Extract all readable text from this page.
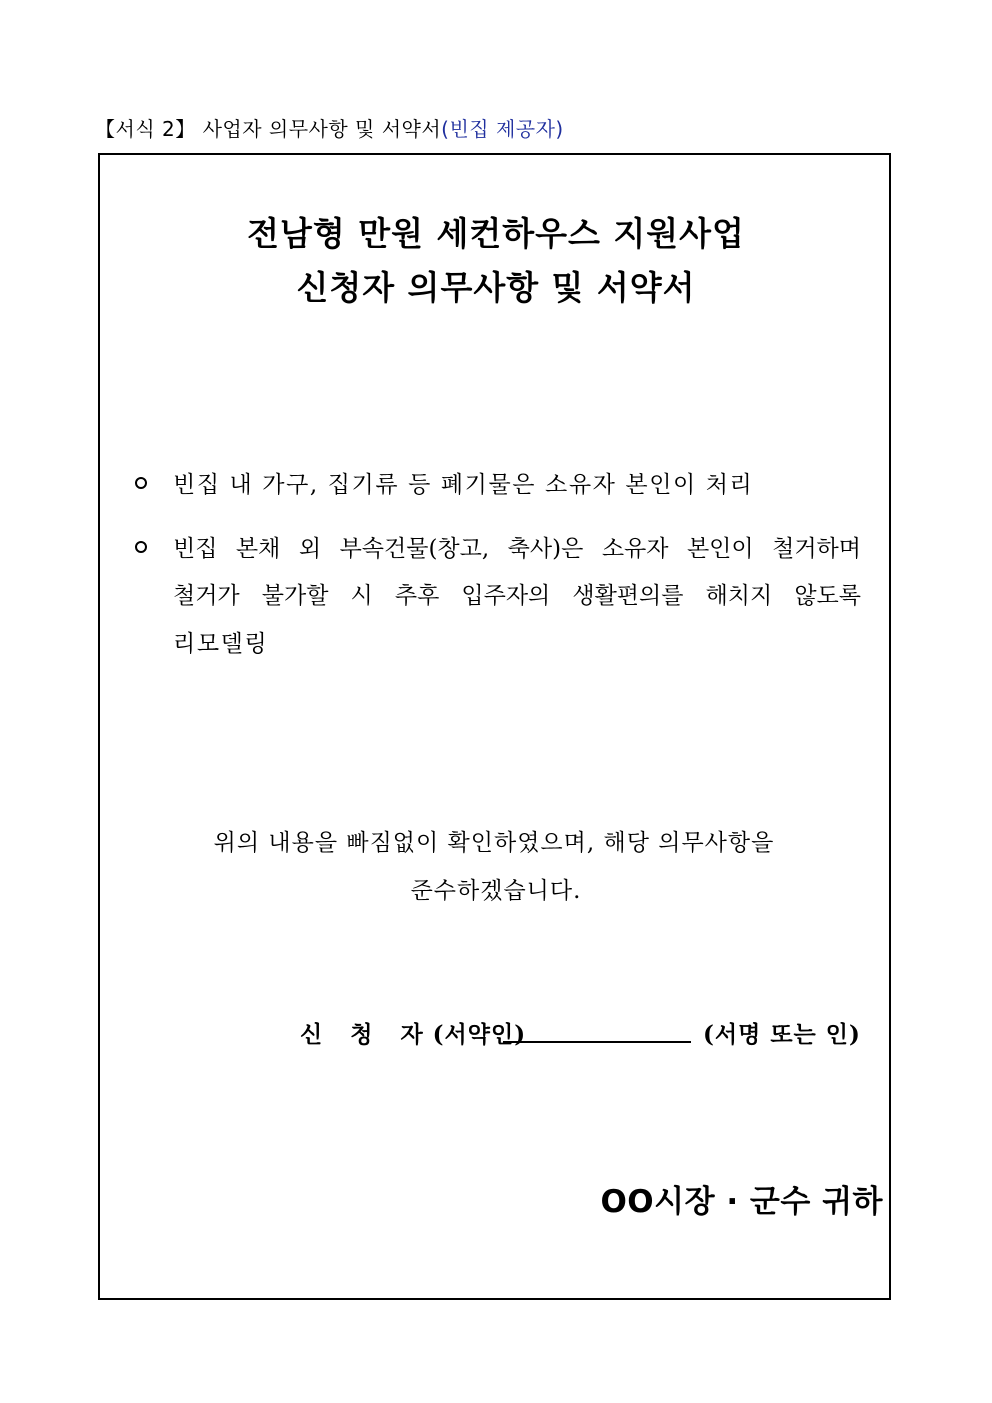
【서식 2】 사업자 의무사항 및 서약서(빈집 제공자)
전남형 만원 세컨하우스 지원사업
신청자 의무사항 및 서약서
빈집 내 가구, 집기류 등 폐기물은 소유자 본인이 처리
빈집 본채 외 부속건물(창고, 축사)은 소유자 본인이 철거하며
철거가 불가할 시 추후 입주자의 생활편의를 해치지 않도록
리모델링
위의 내용을 빠짐없이 확인하였으며, 해당 의무사항을
준수하겠습니다.
신 청 자(서약인)	(서명 또는 인)
OO시장 · 군수 귀하
